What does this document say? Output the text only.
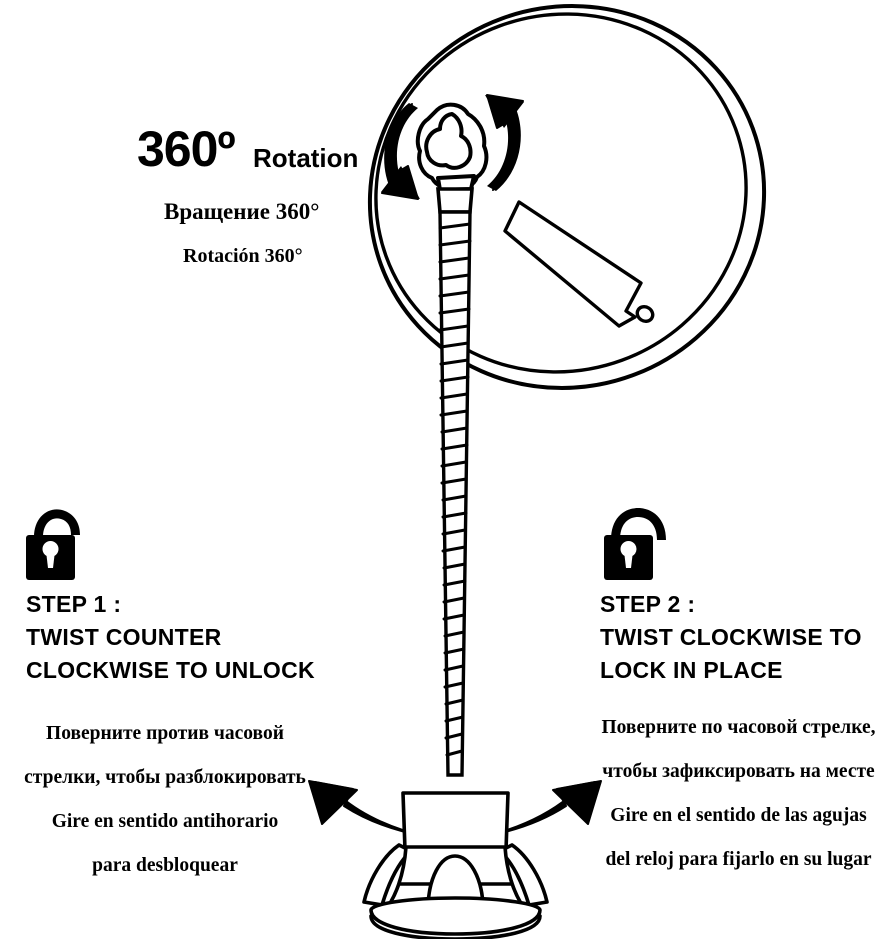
360º Rotation
Вращение 360°
Rotación 360°
STEP 1 :
TWIST COUNTER
CLOCKWISE TO UNLOCK
Поверните против часовой
стрелки, чтобы разблокировать
Gire en sentido antihorario
para desbloquear
STEP 2 :
TWIST CLOCKWISE TO
LOCK IN PLACE
Поверните по часовой стрелке,
чтобы зафиксировать на месте
Gire en el sentido de las agujas
del reloj para fijarlo en su lugar
